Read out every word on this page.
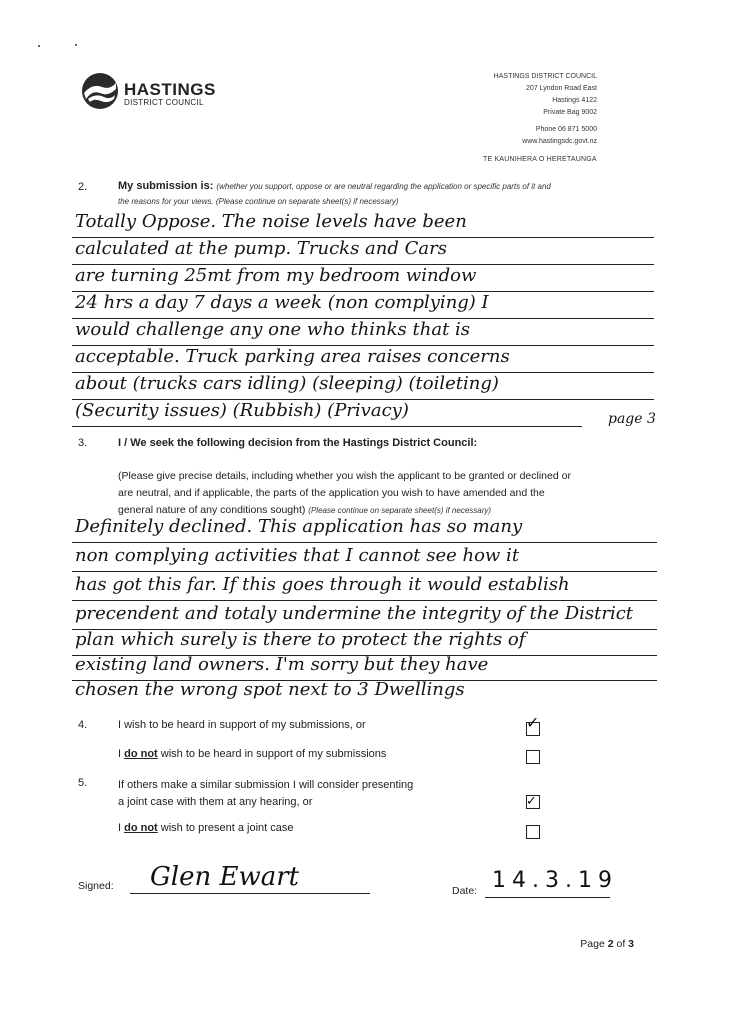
HASTINGS
DISTRICT COUNCIL
HASTINGS DISTRICT COUNCIL
207 Lyndon Road East
Hastings 4122
Private Bag 9002
Phone 06 871 5000
www.hastingsdc.govt.nz
TE KAUNIHERA O HERETAUNGA
2.	My submission is: (whether you support, oppose or are neutral regarding the application or specific parts of it and
the reasons for your views. (Please continue on separate sheet(s) if necessary)
Totally Oppose. The noise levels have been
calculated at the pump. Trucks and Cars
are turning 25mt from my bedroom window
24 hrs a day 7 days a week (non complying) I
would challenge any one who thinks that is
acceptable. Truck parking area raises concerns
about (trucks cars idling) (sleeping) (toileting)
(Security issues) (Rubbish) (Privacy)	page 3
3.	I / We seek the following decision from the Hastings District Council:
(Please give precise details, including whether you wish the applicant to be granted or declined or
are neutral, and if applicable, the parts of the application you wish to have amended and the
general nature of any conditions sought) (Please continue on separate sheet(s) if necessary)
Definitely declined. This application has so many
non complying activities that I cannot see how it
has got this far. If this goes through it would establish
precendent and totaly undermine the integrity of the District
plan which surely is there to protect the rights of
existing land owners. I'm sorry but they have
chosen the wrong spot next to 3 Dwellings
4.	I wish to be heard in support of my submissions, or	✓
I do not wish to be heard in support of my submissions
5.	If others make a similar submission I will consider presenting
a joint case with them at any hearing, or	✓
I do not wish to present a joint case
Signed: Glen Ewart	Date: 14.3.19
Page 2 of 3
